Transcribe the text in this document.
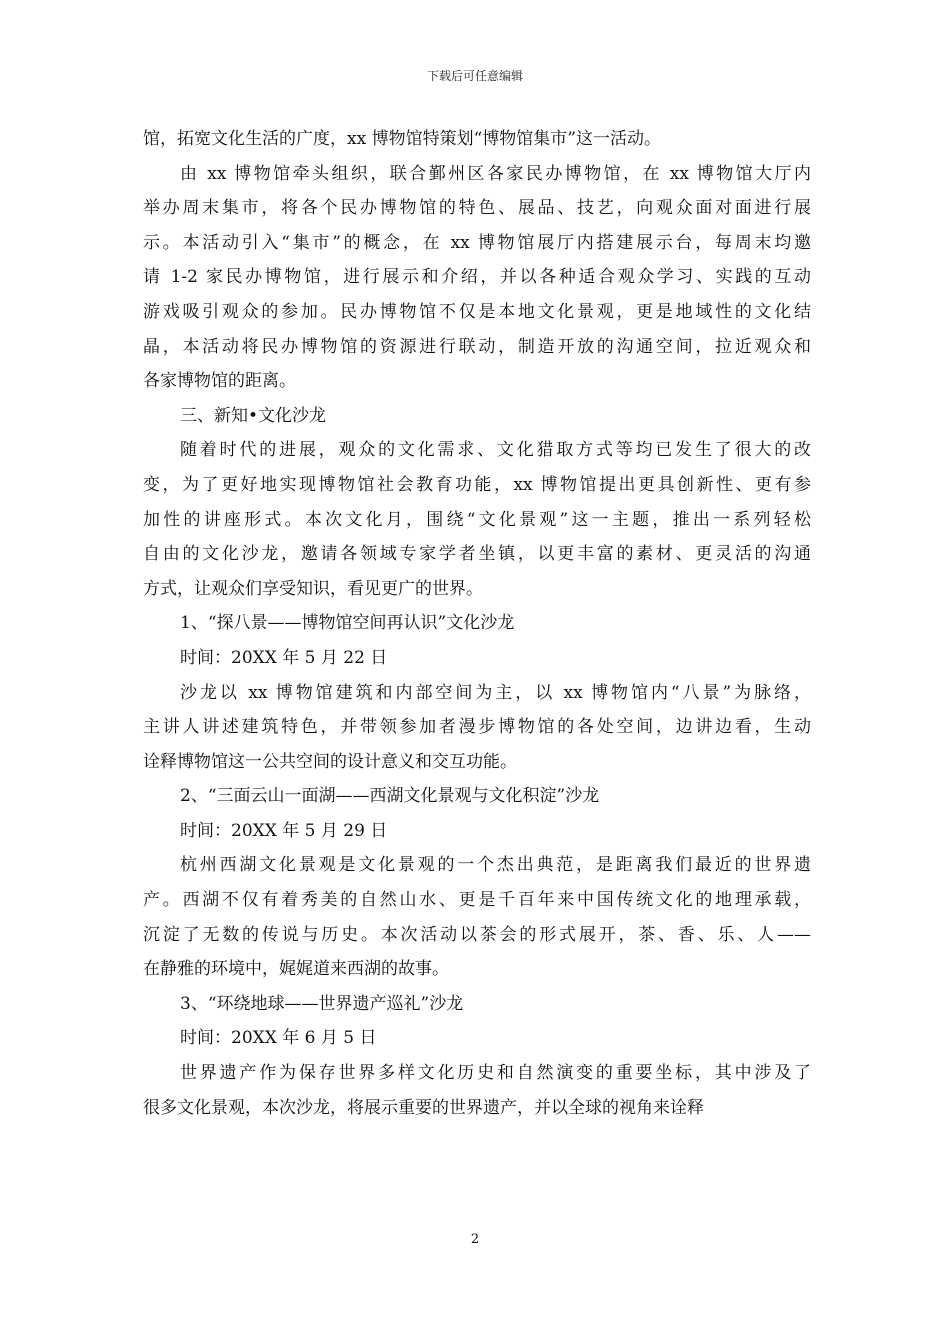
下载后可任意编辑
馆，拓宽文化生活的广度，xx 博物馆特策划“博物馆集市”这一活动。
由 xx 博物馆牵头组织，联合鄞州区各家民办博物馆，在 xx 博物馆大厅内
举办周末集市，将各个民办博物馆的特色、展品、技艺，向观众面对面进行展
示。本活动引入“集市”的概念，在 xx 博物馆展厅内搭建展示台，每周末均邀
请 1-2 家民办博物馆，进行展示和介绍，并以各种适合观众学习、实践的互动
游戏吸引观众的参加。民办博物馆不仅是本地文化景观，更是地域性的文化结
晶，本活动将民办博物馆的资源进行联动，制造开放的沟通空间，拉近观众和
各家博物馆的距离。
三、新知•文化沙龙
随着时代的进展，观众的文化需求、文化猎取方式等均已发生了很大的改
变，为了更好地实现博物馆社会教育功能，xx 博物馆提出更具创新性、更有参
加性的讲座形式。本次文化月，围绕“文化景观”这一主题，推出一系列轻松
自由的文化沙龙，邀请各领域专家学者坐镇，以更丰富的素材、更灵活的沟通
方式，让观众们享受知识，看见更广的世界。
1、“探八景——博物馆空间再认识”文化沙龙
时间：20XX 年 5 月 22 日
沙龙以 xx 博物馆建筑和内部空间为主，以 xx 博物馆内“八景”为脉络，
主讲人讲述建筑特色，并带领参加者漫步博物馆的各处空间，边讲边看，生动
诠释博物馆这一公共空间的设计意义和交互功能。
2、“三面云山一面湖——西湖文化景观与文化积淀”沙龙
时间：20XX 年 5 月 29 日
杭州西湖文化景观是文化景观的一个杰出典范，是距离我们最近的世界遗
产。西湖不仅有着秀美的自然山水、更是千百年来中国传统文化的地理承载，
沉淀了无数的传说与历史。本次活动以茶会的形式展开，茶、香、乐、人——
在静雅的环境中，娓娓道来西湖的故事。
3、“环绕地球——世界遗产巡礼”沙龙
时间：20XX 年 6 月 5 日
世界遗产作为保存世界多样文化历史和自然演变的重要坐标，其中涉及了
很多文化景观，本次沙龙，将展示重要的世界遗产，并以全球的视角来诠释
2
